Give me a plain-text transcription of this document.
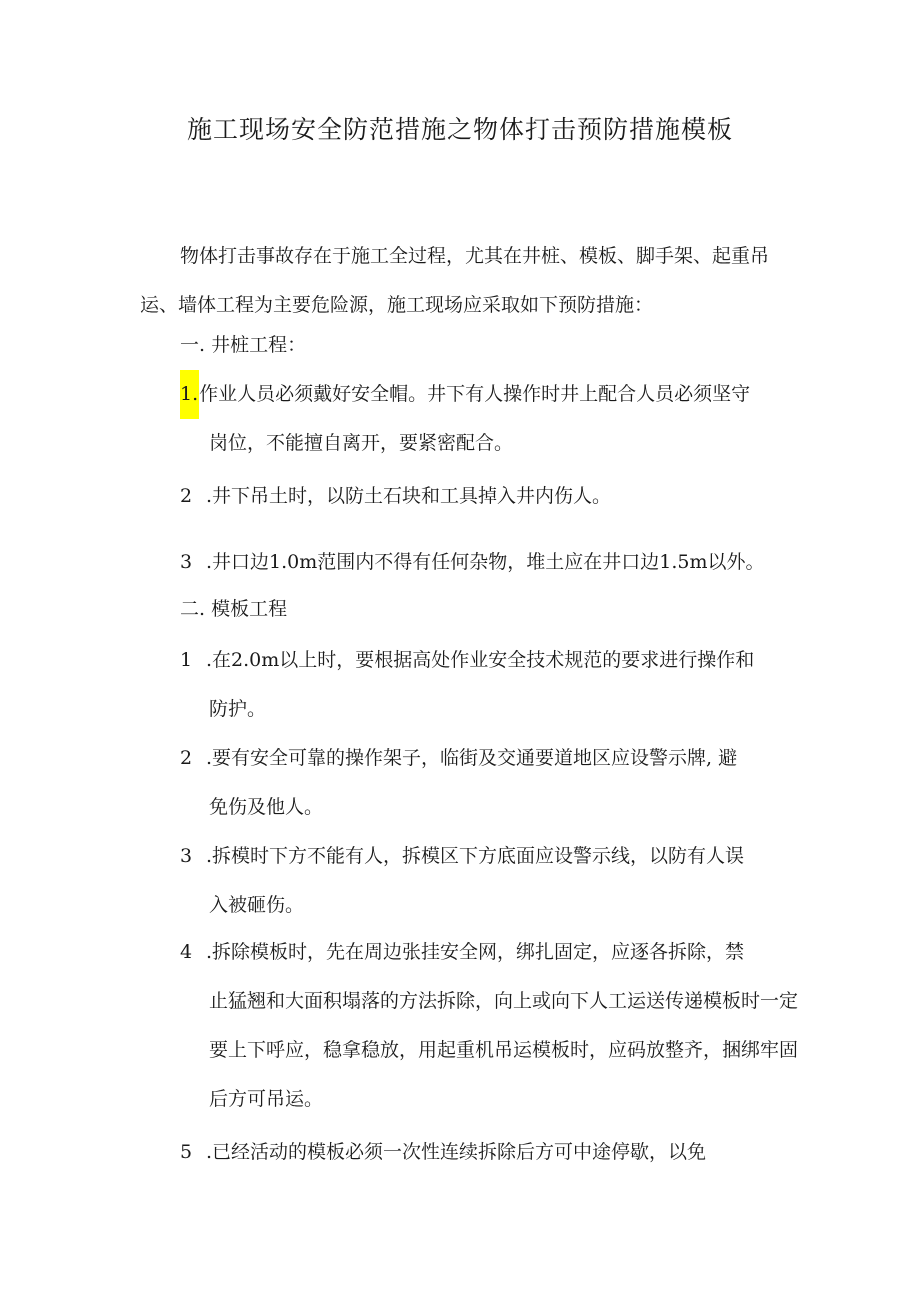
施工现场安全防范措施之物体打击预防措施模板
物体打击事故存在于施工全过程，尤其在井桩、模板、脚手架、起重吊运、墙体工程为主要危险源，施工现场应采取如下预防措施：
一. 井桩工程：
1.作业人员必须戴好安全帽。井下有人操作时井上配合人员必须坚守
岗位，不能擅自离开，要紧密配合。
2 .井下吊土时，以防土石块和工具掉入井内伤人。
3 .井口边1.0m范围内不得有任何杂物，堆土应在井口边1.5m以外。
二. 模板工程
1 .在2.0m以上时，要根据高处作业安全技术规范的要求进行操作和
防护。
2 .要有安全可靠的操作架子，临街及交通要道地区应设警示牌, 避
免伤及他人。
3 .拆模时下方不能有人，拆模区下方底面应设警示线，以防有人误
入被砸伤。
4 .拆除模板时，先在周边张挂安全网，绑扎固定，应逐各拆除，禁
止猛翘和大面积塌落的方法拆除，向上或向下人工运送传递模板时一定要上下呼应，稳拿稳放，用起重机吊运模板时，应码放整齐，捆绑牢固后方可吊运。
5 .已经活动的模板必须一次性连续拆除后方可中途停歇，以免
